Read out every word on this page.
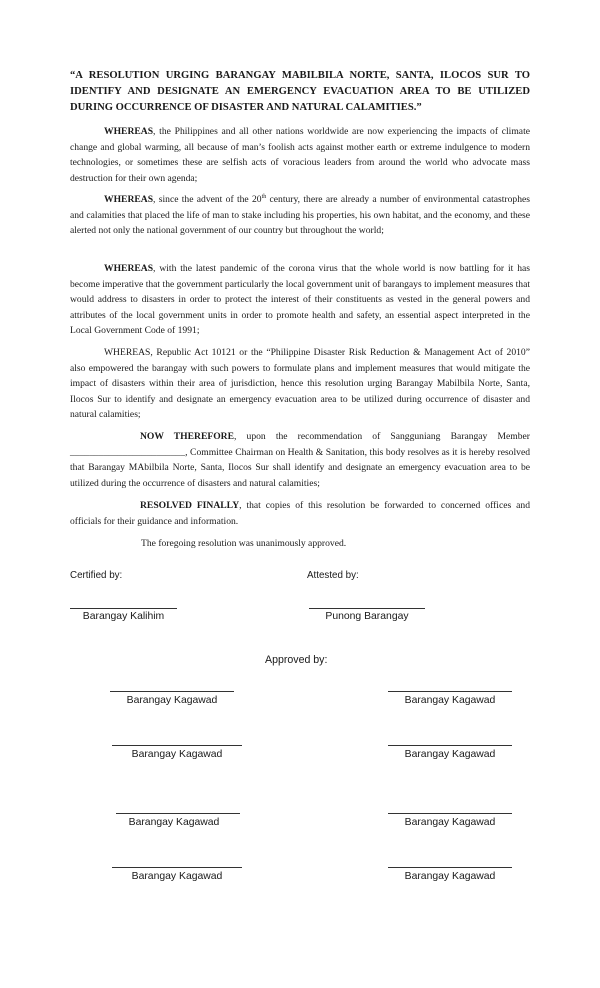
“A RESOLUTION URGING BARANGAY MABILBILA NORTE, SANTA, ILOCOS SUR TO IDENTIFY AND DESIGNATE AN EMERGENCY EVACUATION AREA TO BE UTILIZED DURING OCCURRENCE OF DISASTER AND NATURAL CALAMITIES.”

WHEREAS, the Philippines and all other nations worldwide are now experiencing the impacts of climate change and global warming, all because of man’s foolish acts against mother earth or extreme indulgence to modern technologies, or sometimes these are selfish acts of voracious leaders from around the world who advocate mass destruction for their own agenda;

WHEREAS, since the advent of the 20th century, there are already a number of environmental catastrophes and calamities that placed the life of man to stake including his properties, his own habitat, and the economy, and these alerted not only the national government of our country but throughout the world;

WHEREAS, with the latest pandemic of the corona virus that the whole world is now battling for it has become imperative that the government particularly the local government unit of barangays to implement measures that would address to disasters in order to protect the interest of their constituents as vested in the general powers and attributes of the local government units in order to promote health and safety, an essential aspect interpreted in the Local Government Code of 1991;

WHEREAS, Republic Act 10121 or the “Philippine Disaster Risk Reduction & Management Act of 2010” also empowered the barangay with such powers to formulate plans and implement measures that would mitigate the impact of disasters within their area of jurisdiction, hence this resolution urging Barangay Mabilbila Norte, Santa, Ilocos Sur to identify and designate an emergency evacuation area to be utilized during occurrence of disaster and natural calamities;

NOW THEREFORE, upon the recommendation of Sangguniang Barangay Member ________________________, Committee Chairman on Health & Sanitation, this body resolves as it is hereby resolved that Barangay MAbilbila Norte, Santa, Ilocos Sur shall identify and designate an emergency evacuation area to be utilized during the occurrence of disasters and natural calamities;

RESOLVED FINALLY, that copies of this resolution be forwarded to concerned offices and officials for their guidance and information.

The foregoing resolution was unanimously approved.

Certified by:	Attested by:

Barangay Kalihim	Punong Barangay

Approved by:

Barangay Kagawad	Barangay Kagawad
Barangay Kagawad	Barangay Kagawad
Barangay Kagawad	Barangay Kagawad
Barangay Kagawad	Barangay Kagawad
